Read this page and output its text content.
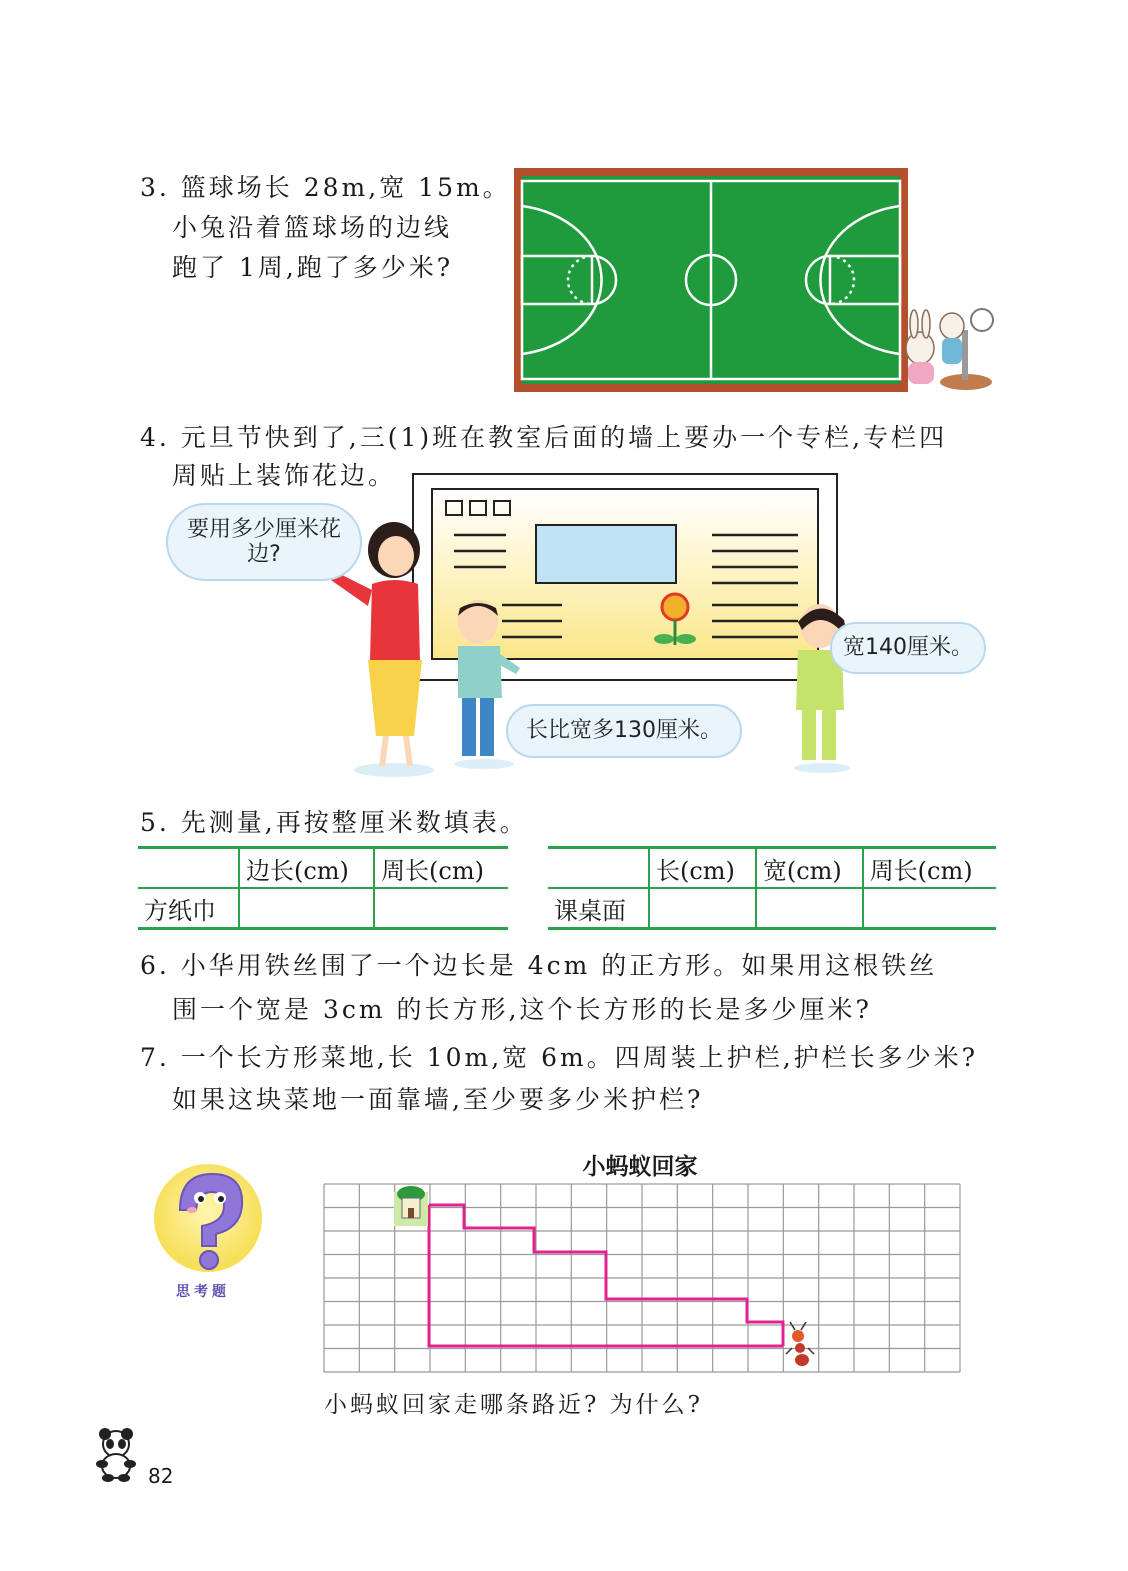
3. 篮球场长 28m,宽 15m。
小兔沿着篮球场的边线
跑了 1周,跑了多少米?
4. 元旦节快到了,三(1)班在教室后面的墙上要办一个专栏,专栏四
周贴上装饰花边。
要用多少厘米花边?
宽140厘米。
长比宽多130厘米。
5. 先测量,再按整厘米数填表。
	边长(cm)	周长(cm)
方纸巾		
	长(cm)	宽(cm)	周长(cm)
课桌面			
6. 小华用铁丝围了一个边长是 4cm 的正方形。如果用这根铁丝
围一个宽是 3cm 的长方形,这个长方形的长是多少厘米?
7. 一个长方形菜地,长 10m,宽 6m。四周装上护栏,护栏长多少米?
如果这块菜地一面靠墙,至少要多少米护栏?
思考题
小蚂蚁回家
小蚂蚁回家走哪条路近? 为什么?
82
